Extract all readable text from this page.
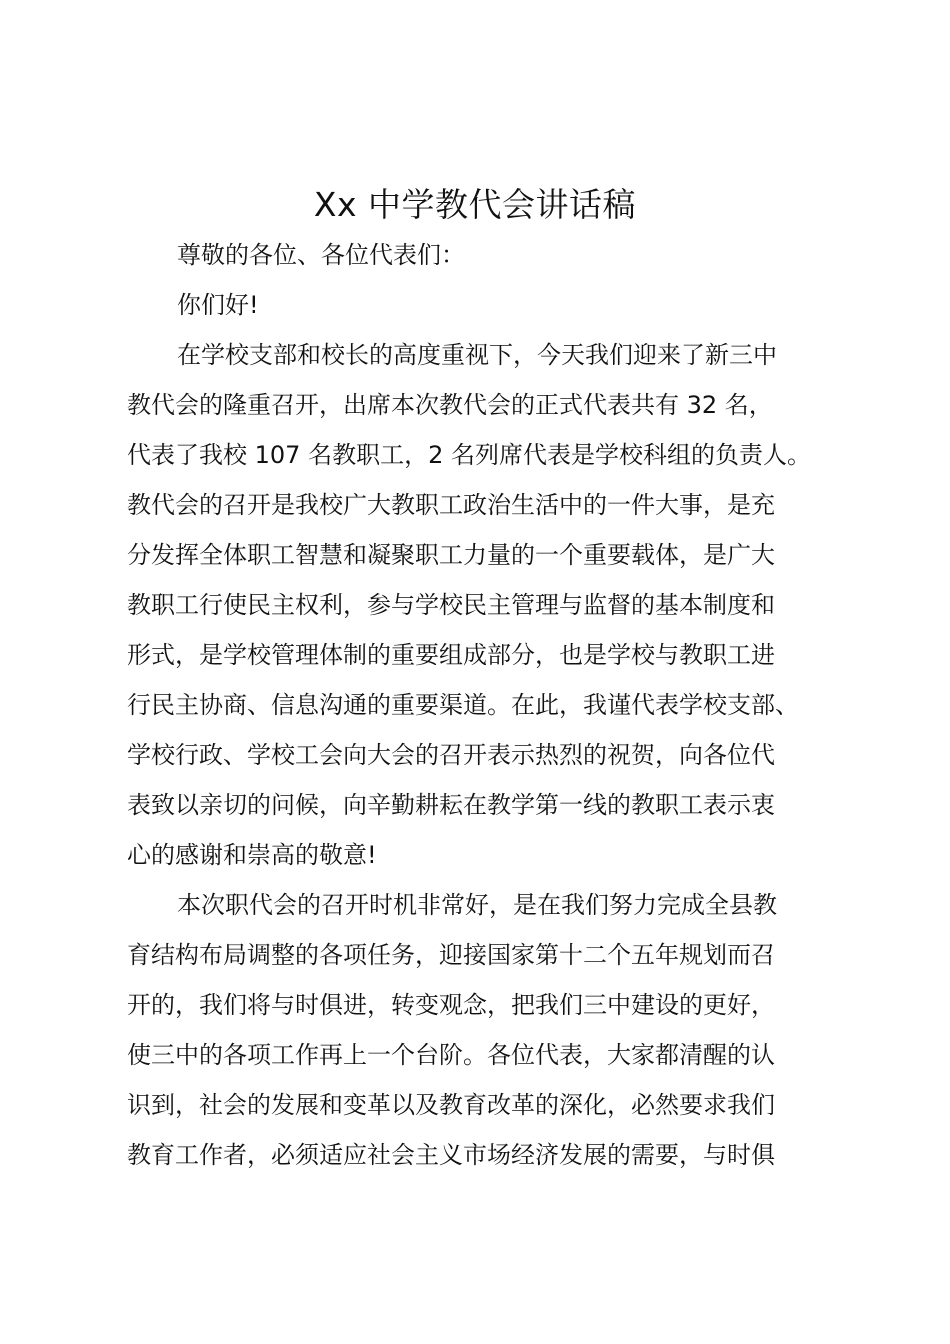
Xx 中学教代会讲话稿
尊敬的各位、各位代表们：
你们好!
在学校支部和校长的高度重视下，今天我们迎来了新三中
教代会的隆重召开，出席本次教代会的正式代表共有 32 名，
代表了我校 107 名教职工，2 名列席代表是学校科组的负责人。
教代会的召开是我校广大教职工政治生活中的一件大事，是充
分发挥全体职工智慧和凝聚职工力量的一个重要载体，是广大
教职工行使民主权利，参与学校民主管理与监督的基本制度和
形式，是学校管理体制的重要组成部分，也是学校与教职工进
行民主协商、信息沟通的重要渠道。在此，我谨代表学校支部、
学校行政、学校工会向大会的召开表示热烈的祝贺，向各位代
表致以亲切的问候，向辛勤耕耘在教学第一线的教职工表示衷
心的感谢和崇高的敬意!
本次职代会的召开时机非常好，是在我们努力完成全县教
育结构布局调整的各项任务，迎接国家第十二个五年规划而召
开的，我们将与时俱进，转变观念，把我们三中建设的更好，
使三中的各项工作再上一个台阶。各位代表，大家都清醒的认
识到，社会的发展和变革以及教育改革的深化，必然要求我们
教育工作者，必须适应社会主义市场经济发展的需要，与时俱
